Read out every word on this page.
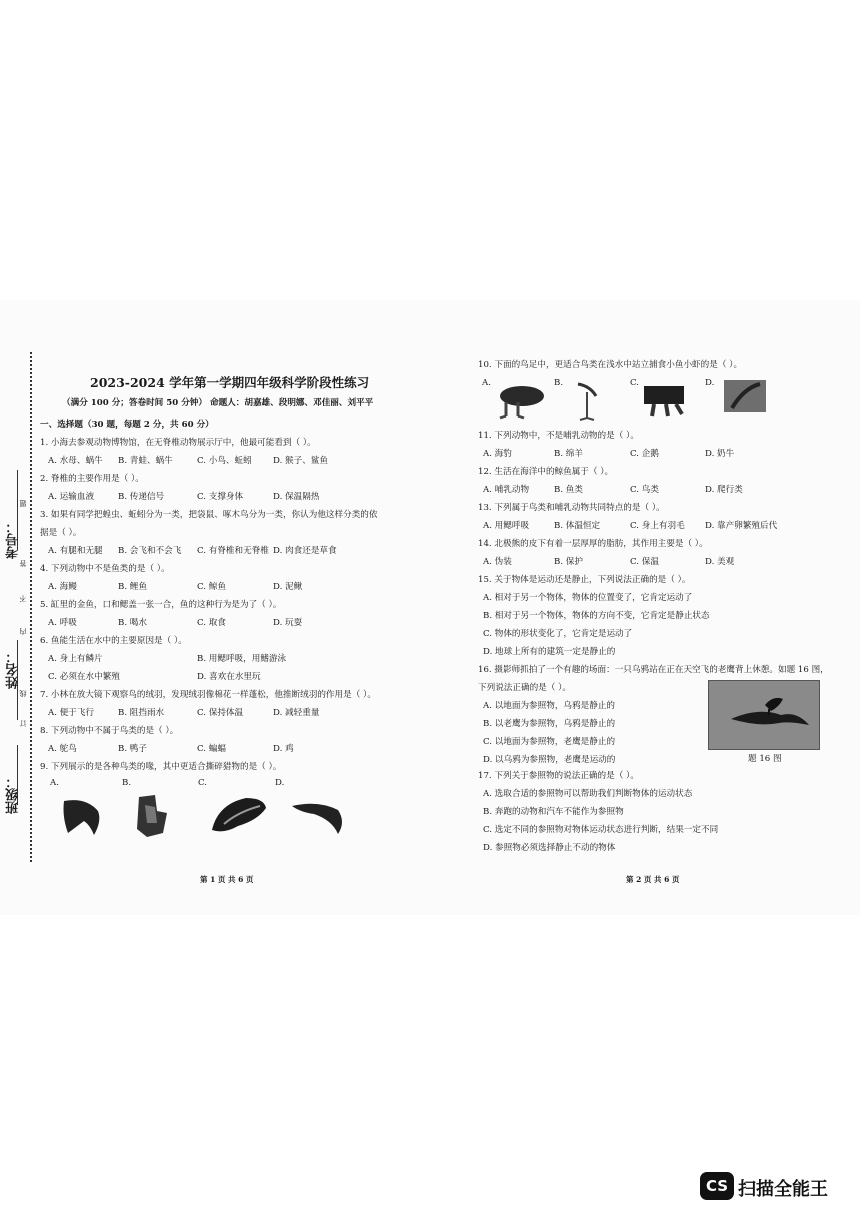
考号：
姓名：
班级：
题
答
不
内
线
订
2023-2024 学年第一学期四年级科学阶段性练习
（满分 100 分；答卷时间 50 分钟） 命题人：胡嘉雄、段明娜、邓佳丽、刘平平
一、选择题（30 题，每题 2 分，共 60 分）
1. 小海去参观动物博物馆，在无脊椎动物展示厅中，他最可能看到（ ）。
A. 水母、蜗牛 B. 青蛙、蜗牛	C. 小鸟、蚯蚓 D. 猴子、鲨鱼
2. 脊椎的主要作用是（ ）。
A. 运输血液	B. 传递信号	C. 支撑身体	D. 保温隔热
3. 如果有同学把蝗虫、蚯蚓分为一类，把袋鼠、啄木鸟分为一类，你认为他这样分类的依
据是（ ）。
A. 有腿和无腿 B. 会飞和不会飞 C. 有脊椎和无脊椎 D. 肉食还是草食
4. 下列动物中不是鱼类的是（ ）。
A. 海鳗	B. 鲤鱼	C. 鲸鱼	D. 泥鳅
5. 缸里的金鱼，口和鳃盖一张一合，鱼的这种行为是为了（ ）。
A. 呼吸	B. 喝水	C. 取食	D. 玩耍
6. 鱼能生活在水中的主要原因是（ ）。
A. 身上有鳞片	B. 用鳃呼吸，用鳍游泳
C. 必须在水中繁殖	D. 喜欢在水里玩
7. 小林在放大镜下观察鸟的绒羽，发现绒羽像棉花一样蓬松，他推断绒羽的作用是（ ）。
A. 便于飞行	B. 阻挡雨水	C. 保持体温	D. 减轻重量
8. 下列动物中不属于鸟类的是（ ）。
A. 鸵鸟	B. 鸭子	C. 蝙蝠	D. 鸡
9. 下列展示的是各种鸟类的喙，其中更适合撕碎猎物的是（ ）。
A.	B.	C.	D.
第 1 页 共 6 页
10. 下面的鸟足中，更适合鸟类在浅水中站立捕食小鱼小虾的是（ ）。
A.	B.	C.	D.
11. 下列动物中，不是哺乳动物的是（ ）。
A. 海豹	B. 绵羊	C. 企鹅	D. 奶牛
12. 生活在海洋中的鲸鱼属于（ ）。
A. 哺乳动物	B. 鱼类	C. 鸟类	D. 爬行类
13. 下列属于鸟类和哺乳动物共同特点的是（ ）。
A. 用鳃呼吸	B. 体温恒定	C. 身上有羽毛 D. 靠产卵繁殖后代
14. 北极熊的皮下有着一层厚厚的脂肪，其作用主要是（ ）。
A. 伪装	B. 保护	C. 保温	D. 美观
15. 关于物体是运动还是静止，下列说法正确的是（ ）。
A. 相对于另一个物体，物体的位置变了，它肯定运动了
B. 相对于另一个物体，物体的方向不变，它肯定是静止状态
C. 物体的形状变化了，它肯定是运动了
D. 地球上所有的建筑一定是静止的
16. 摄影师抓拍了一个有趣的场面：一只乌鸦站在正在天空飞的老鹰背上休憩。如题 16 图，
下列说法正确的是（ ）。
A. 以地面为参照物，乌鸦是静止的
B. 以老鹰为参照物，乌鸦是静止的
C. 以地面为参照物，老鹰是静止的
D. 以乌鸦为参照物，老鹰是运动的	题 16 图
17. 下列关于参照物的说法正确的是（ ）。
A. 选取合适的参照物可以帮助我们判断物体的运动状态
B. 奔跑的动物和汽车不能作为参照物
C. 选定不同的参照物对物体运动状态进行判断，结果一定不同
D. 参照物必须选择静止不动的物体
第 2 页 共 6 页
CS 扫描全能王
